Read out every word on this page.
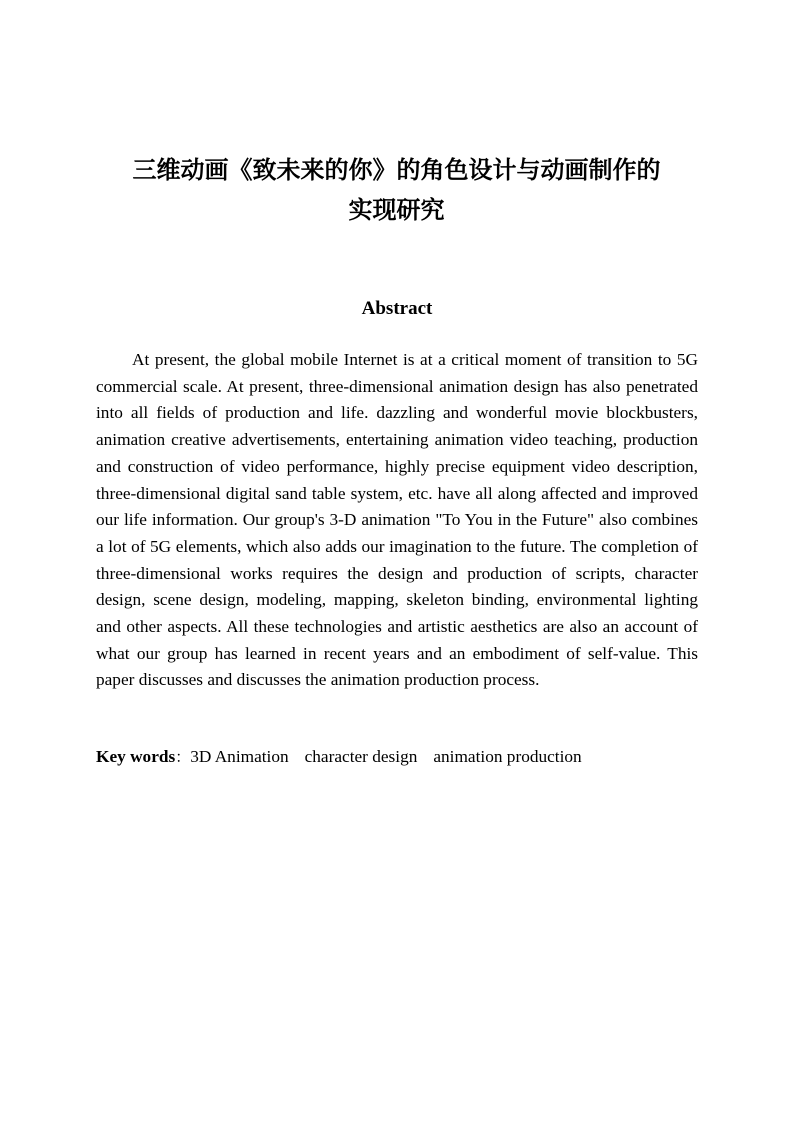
三维动画《致未来的你》的角色设计与动画制作的
实现研究
Abstract

At present, the global mobile Internet is at a critical moment of transition to 5G commercial scale. At present, three-dimensional animation design has also penetrated into all fields of production and life. dazzling and wonderful movie blockbusters, animation creative advertisements, entertaining animation video teaching, production and construction of video performance, highly precise equipment video description, three-dimensional digital sand table system, etc. have all along affected and improved our life information. Our group's 3-D animation "To You in the Future" also combines a lot of 5G elements, which also adds our imagination to the future. The completion of three-dimensional works requires the design and production of scripts, character design, scene design, modeling, mapping, skeleton binding, environmental lighting and other aspects. All these technologies and artistic aesthetics are also an account of what our group has learned in recent years and an embodiment of self-value. This paper discusses and discusses the animation production process.

Key words：3D Animation character design animation production
